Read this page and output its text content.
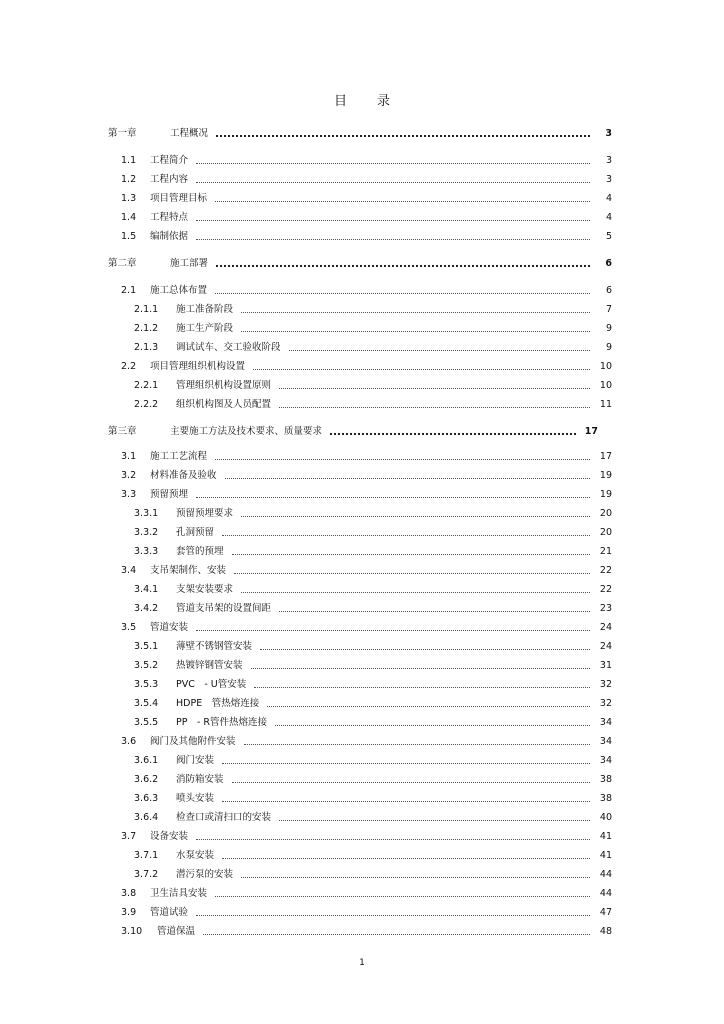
目 录
第一章	工程概况	3
1.1	工程简介	3
1.2	工程内容	3
1.3	项目管理目标	4
1.4	工程特点	4
1.5	编制依据	5
第二章	施工部署	6
2.1	施工总体布置	6
2.1.1	施工准备阶段	7
2.1.2	施工生产阶段	9
2.1.3	调试试车、交工验收阶段	9
2.2	项目管理组织机构设置	10
2.2.1	管理组织机构设置原则	10
2.2.2	组织机构图及人员配置	11
第三章	主要施工方法及技术要求、质量要求	17
3.1	施工工艺流程	17
3.2	材料准备及验收	19
3.3	预留预埋	19
3.3.1	预留预埋要求	20
3.3.2	孔洞预留	20
3.3.3	套管的预埋	21
3.4	支吊架制作、安装	22
3.4.1	支架安装要求	22
3.4.2	管道支吊架的设置间距	23
3.5	管道安装	24
3.5.1	薄壁不锈钢管安装	24
3.5.2	热镀锌钢管安装	31
3.5.3	PVC　- U管安装	32
3.5.4	HDPE　管热熔连接	32
3.5.5	PP　- R管件热熔连接	34
3.6	阀门及其他附件安装	34
3.6.1	阀门安装	34
3.6.2	消防箱安装	38
3.6.3	喷头安装	38
3.6.4	检查口或清扫口的安装	40
3.7	设备安装	41
3.7.1	水泵安装	41
3.7.2	潜污泵的安装	44
3.8	卫生洁具安装	44
3.9	管道试验	47
3.10	管道保温	48
1
